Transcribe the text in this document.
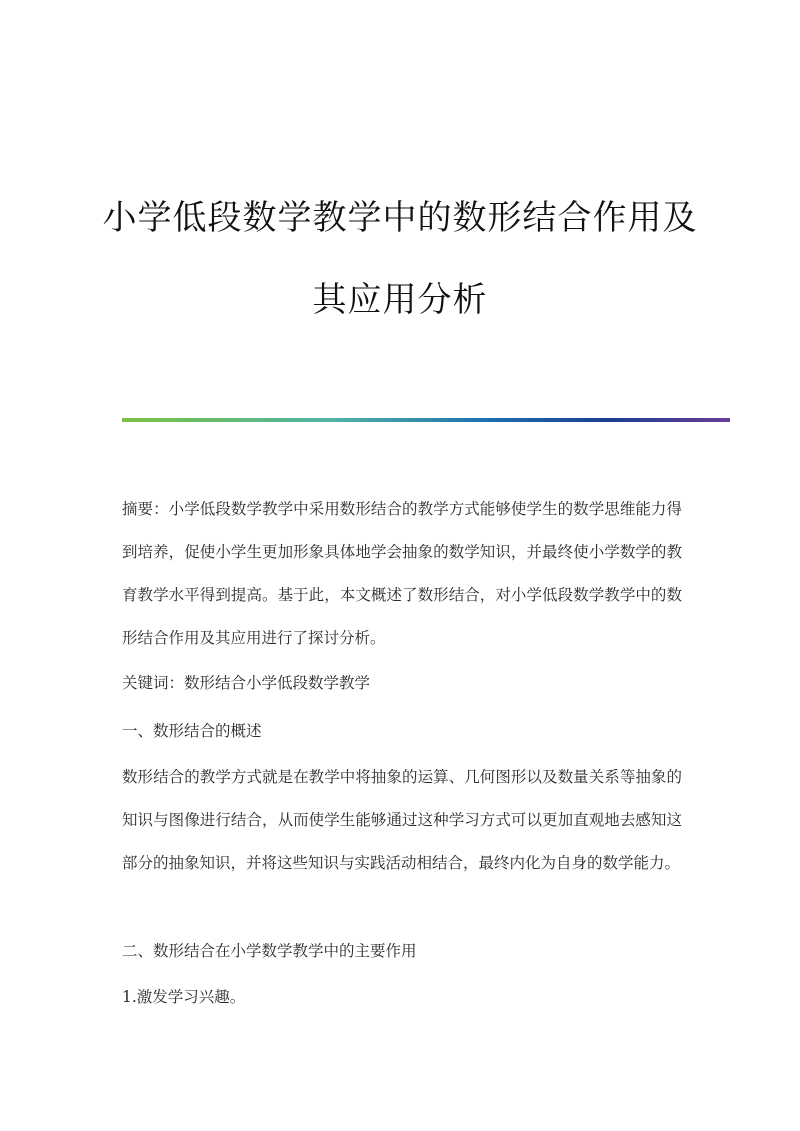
小学低段数学教学中的数形结合作用及
其应用分析

摘要：小学低段数学教学中采用数形结合的教学方式能够使学生的数学思维能力得到培养，促使小学生更加形象具体地学会抽象的数学知识，并最终使小学数学的教育教学水平得到提高。基于此，本文概述了数形结合，对小学低段数学教学中的数形结合作用及其应用进行了探讨分析。

关键词：数形结合小学低段数学教学

一、数形结合的概述

数形结合的教学方式就是在教学中将抽象的运算、几何图形以及数量关系等抽象的知识与图像进行结合，从而使学生能够通过这种学习方式可以更加直观地去感知这部分的抽象知识，并将这些知识与实践活动相结合，最终内化为自身的数学能力。

二、数形结合在小学数学教学中的主要作用

1.激发学习兴趣。
